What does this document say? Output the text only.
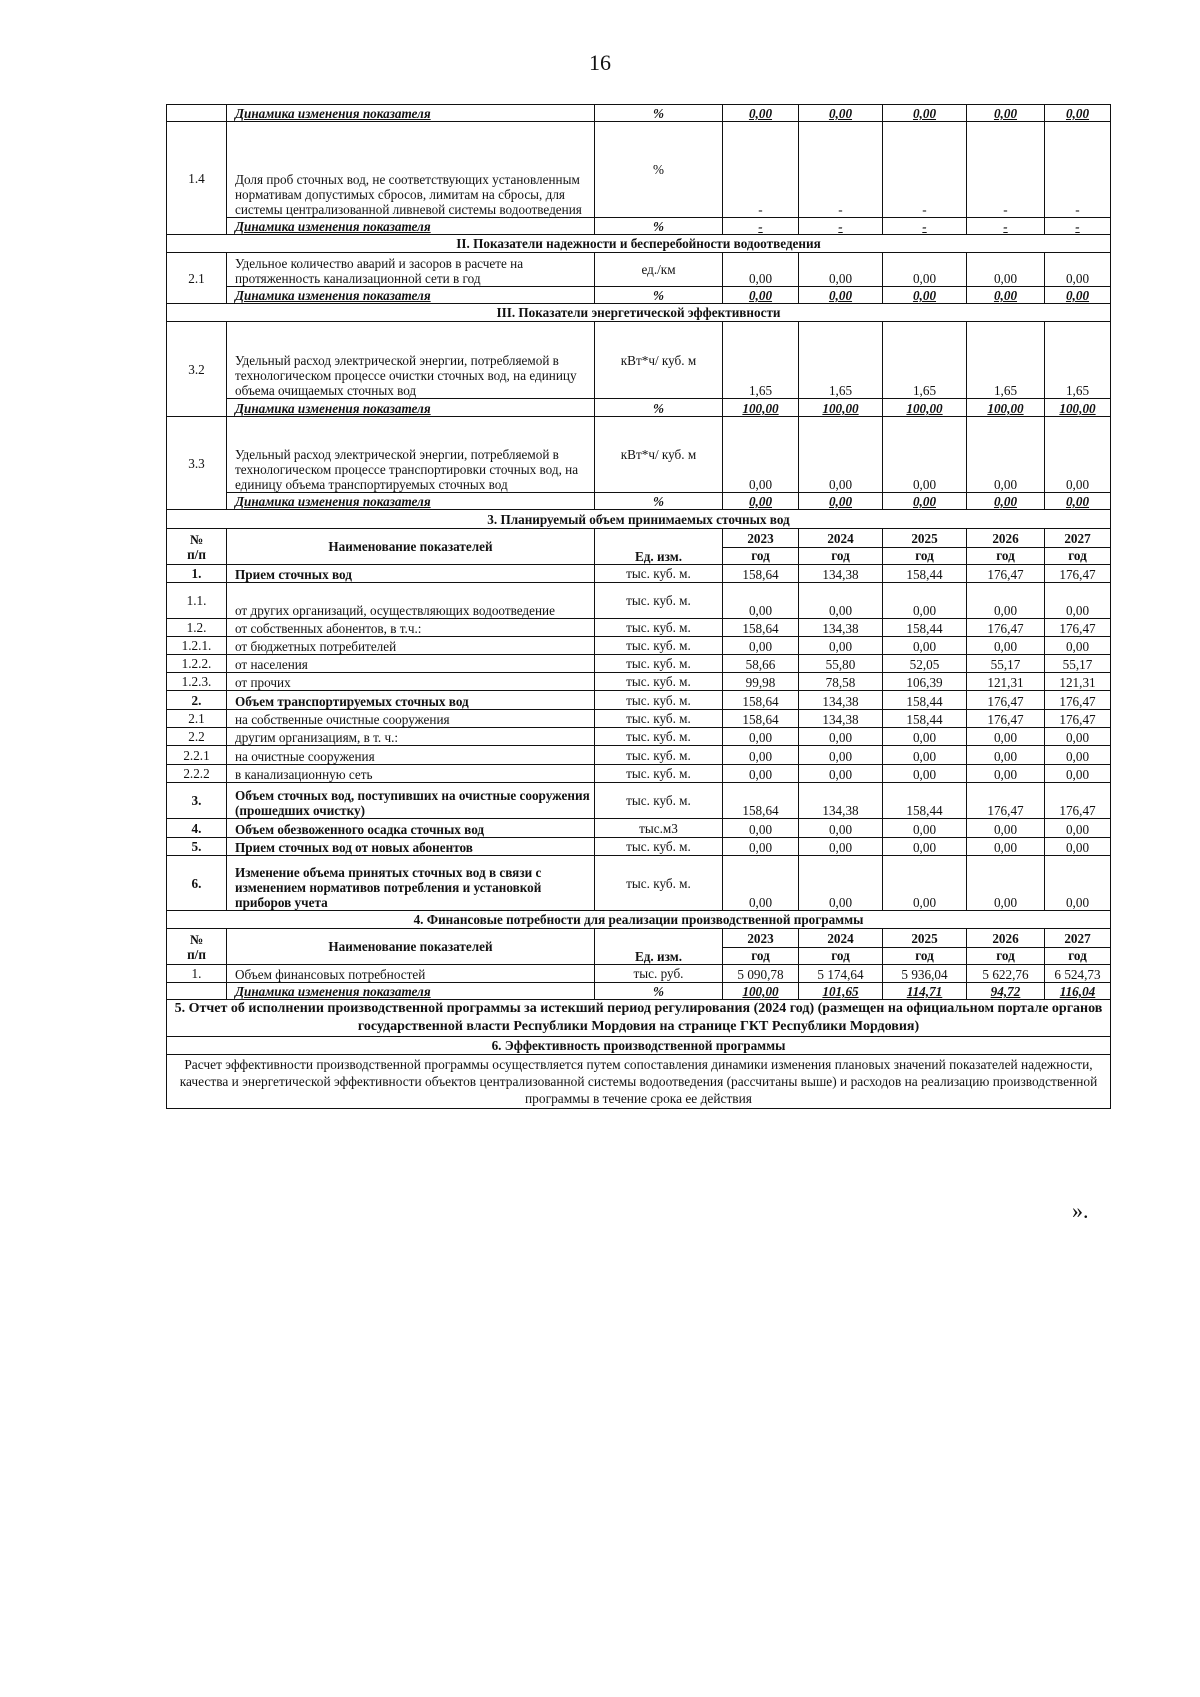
16
	Динамика изменения показателя	%	0,00	0,00	0,00	0,00	0,00
1.4	Доля проб сточных вод, не соответствующих установленным нормативам допустимых сбросов, лимитам на сбросы, для системы централизованной ливневой системы водоотведения	%	-	-	-	-	-
	Динамика изменения показателя	%	-	-	-	-	-
II. Показатели надежности и бесперебойности водоотведения							
2.1	Удельное количество аварий и засоров в расчете на протяженность канализационной сети в год	ед./км	0,00	0,00	0,00	0,00	0,00
	Динамика изменения показателя	%	0,00	0,00	0,00	0,00	0,00
III. Показатели энергетической эффективности							
3.2	Удельный расход электрической энергии, потребляемой в технологическом процессе очистки сточных вод, на единицу объема очищаемых сточных вод	кВт*ч/ куб. м	1,65	1,65	1,65	1,65	1,65
	Динамика изменения показателя	%	100,00	100,00	100,00	100,00	100,00
3.3	Удельный расход электрической энергии, потребляемой в технологическом процессе транспортировки сточных вод, на единицу объема транспортируемых сточных вод	кВт*ч/ куб. м	0,00	0,00	0,00	0,00	0,00
	Динамика изменения показателя	%	0,00	0,00	0,00	0,00	0,00
3. Планируемый объем принимаемых сточных вод							
№
п/п	Наименование показателей	Ед. изм.	2023	2024	2025	2026	2027
			год	год	год	год	год
1.	Прием сточных вод	тыс. куб. м.	158,64	134,38	158,44	176,47	176,47
1.1.	от других организаций, осуществляющих водоотведение	тыс. куб. м.	0,00	0,00	0,00	0,00	0,00
1.2.	от собственных абонентов, в т.ч.:	тыс. куб. м.	158,64	134,38	158,44	176,47	176,47
1.2.1.	от бюджетных потребителей	тыс. куб. м.	0,00	0,00	0,00	0,00	0,00
1.2.2.	от населения	тыс. куб. м.	58,66	55,80	52,05	55,17	55,17
1.2.3.	от прочих	тыс. куб. м.	99,98	78,58	106,39	121,31	121,31
2.	Объем транспортируемых сточных вод	тыс. куб. м.	158,64	134,38	158,44	176,47	176,47
2.1	на собственные очистные сооружения	тыс. куб. м.	158,64	134,38	158,44	176,47	176,47
2.2	другим организациям, в т. ч.:	тыс. куб. м.	0,00	0,00	0,00	0,00	0,00
2.2.1	на очистные сооружения	тыс. куб. м.	0,00	0,00	0,00	0,00	0,00
2.2.2	в канализационную сеть	тыс. куб. м.	0,00	0,00	0,00	0,00	0,00
3.	Объем сточных вод, поступивших на очистные сооружения (прошедших очистку)	тыс. куб. м.	158,64	134,38	158,44	176,47	176,47
4.	Объем обезвоженного осадка сточных вод	тыс.м3	0,00	0,00	0,00	0,00	0,00
5.	Прием сточных вод от новых абонентов	тыс. куб. м.	0,00	0,00	0,00	0,00	0,00
6.	Изменение объема принятых сточных вод в связи с изменением нормативов потребления и установкой приборов учета	тыс. куб. м.	0,00	0,00	0,00	0,00	0,00
4. Финансовые потребности для реализации производственной программы							
№
п/п	Наименование показателей	Ед. изм.	2023	2024	2025	2026	2027
			год	год	год	год	год
1.	Объем финансовых потребностей	тыс. руб.	5 090,78	5 174,64	5 936,04	5 622,76	6 524,73
	Динамика изменения показателя	%	100,00	101,65	114,71	94,72	116,04
5. Отчет об исполнении производственной программы за истекший период регулирования (2024 год) (размещен на официальном портале органов государственной власти Республики Мордовия на странице ГКТ Республики Мордовия)							
6. Эффективность производственной программы							
Расчет эффективности производственной программы осуществляется путем сопоставления динамики изменения плановых значений показателей надежности, качества и энергетической эффективности объектов централизованной системы водоотведения (рассчитаны выше) и расходов на реализацию производственной программы в течение срока ее действия							
».
